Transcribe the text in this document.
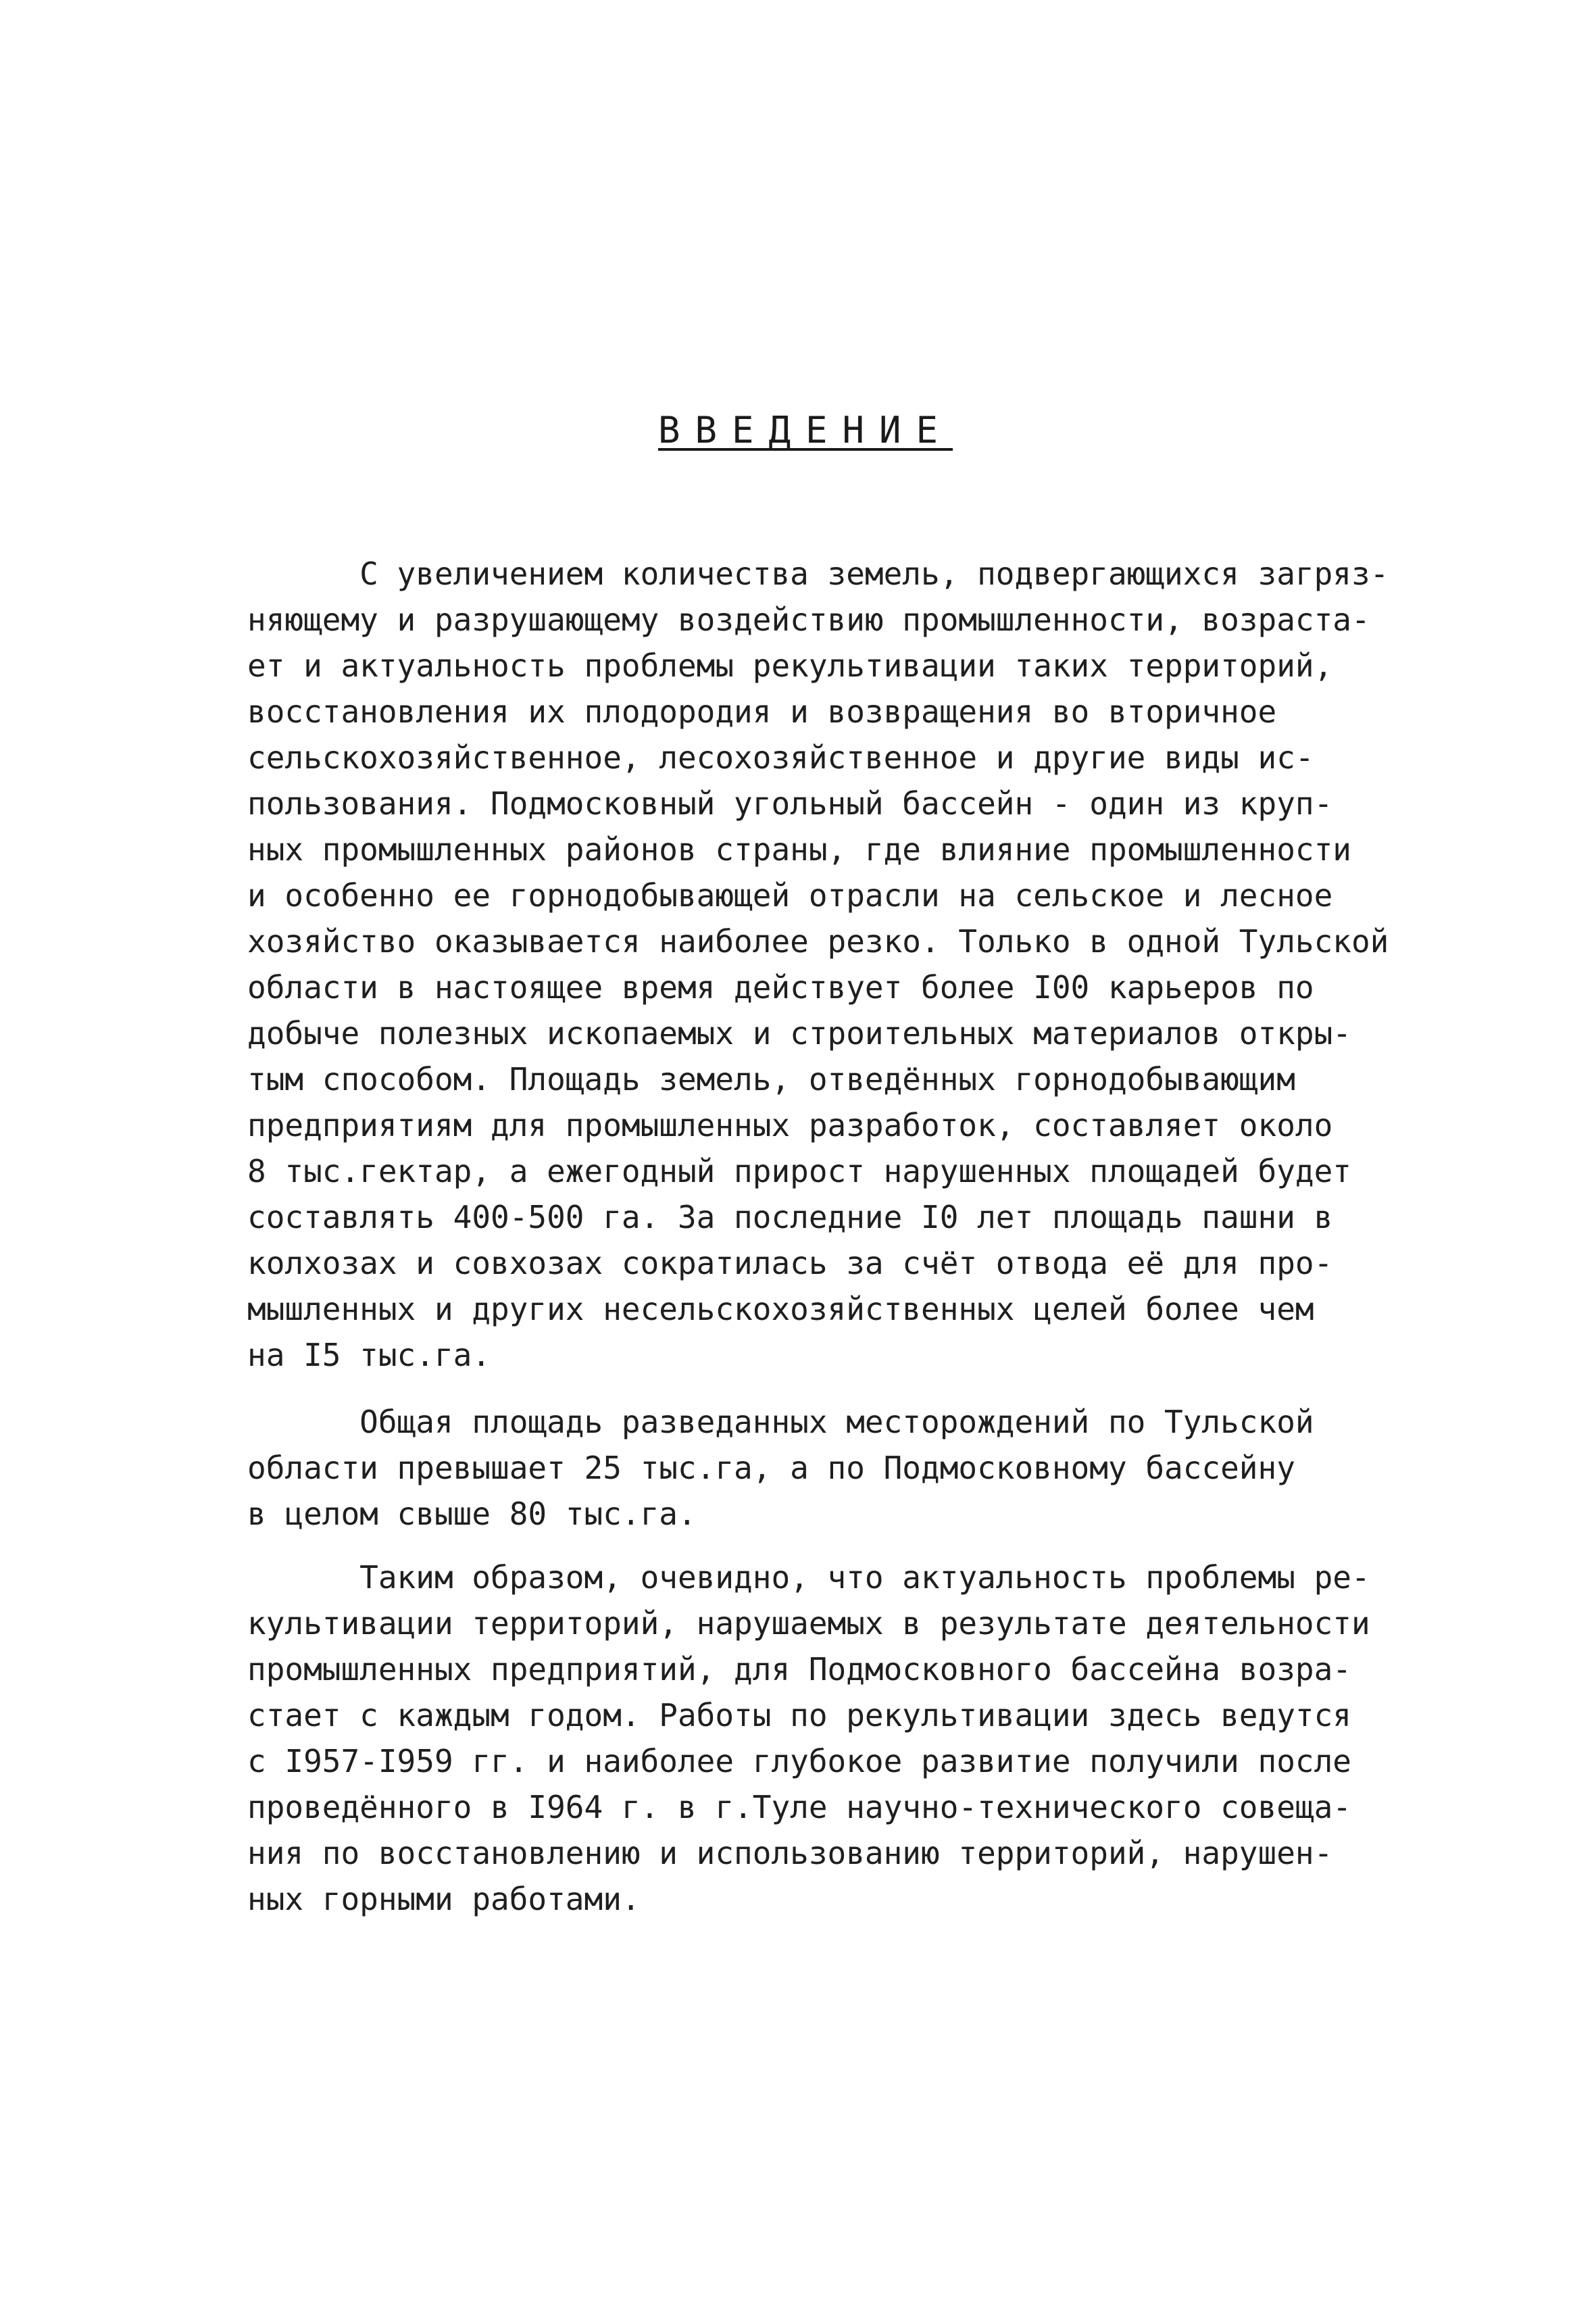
ВВЕДЕНИЕ
С увеличением количества земель, подвергающихся загряз-
няющему и разрушающему воздействию промышленности, возраста-
ет и актуальность проблемы рекультивации таких территорий,
восстановления их плодородия и возвращения во вторичное
сельскохозяйственное, лесохозяйственное и другие виды ис-
пользования. Подмосковный угольный бассейн - один из круп-
ных промышленных районов страны, где влияние промышленности
и особенно ее горнодобывающей отрасли на сельское и лесное
хозяйство оказывается наиболее резко. Только в одной Тульской
области в настоящее время действует более I00 карьеров по
добыче полезных ископаемых и строительных материалов откры-
тым способом. Площадь земель, отведённых горнодобывающим
предприятиям для промышленных разработок, составляет около
8 тыс.гектар, а ежегодный прирост нарушенных площадей будет
составлять 400-500 га. За последние I0 лет площадь пашни в
колхозах и совхозах сократилась за счёт отвода её для про-
мышленных и других несельскохозяйственных целей более чем
на I5 тыс.га.
Общая площадь разведанных месторождений по Тульской
области превышает 25 тыс.га, а по Подмосковному бассейну
в целом свыше 80 тыс.га.
Таким образом, очевидно, что актуальность проблемы ре-
культивации территорий, нарушаемых в результате деятельности
промышленных предприятий, для Подмосковного бассейна возра-
стает с каждым годом. Работы по рекультивации здесь ведутся
с I957-I959 гг. и наиболее глубокое развитие получили после
проведённого в I964 г. в г.Туле научно-технического совеща-
ния по восстановлению и использованию территорий, нарушен-
ных горными работами.
